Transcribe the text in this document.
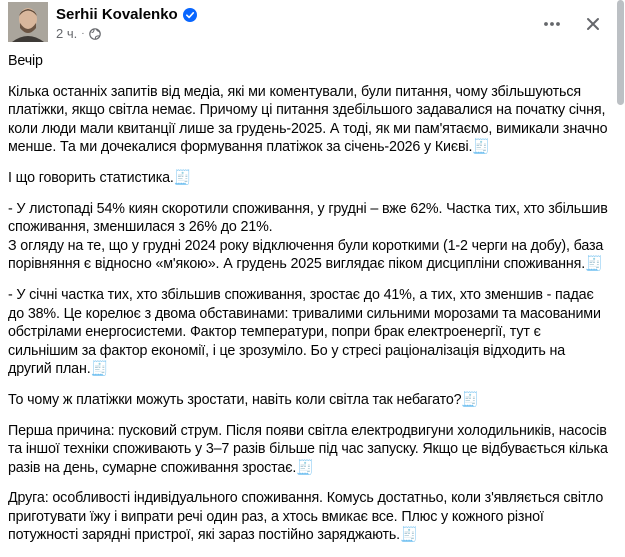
Serhii Kovalenko
2 ч. ·

Вечір

Кілька останніх запитів від медіа, які ми коментували, були питання, чому збільшуються платіжки, якщо світла немає. Причому ці питання здебільшого задавалися на початку січня, коли люди мали квитанції лише за грудень-2025. А тоді, як ми пам'ятаємо, вимикали значно менше. Та ми дочекалися формування платіжок за січень-2026 у Києві.🧾

І що говорить статистика.🧾

- У листопаді 54% киян скоротили споживання, у грудні – вже 62%. Частка тих, хто збільшив споживання, зменшилася з 26% до 21%.
З огляду на те, що у грудні 2024 року відключення були короткими (1-2 черги на добу), база порівняння є відносно «м'якою». А грудень 2025 виглядає піком дисципліни споживання.🧾

- У січні частка тих, хто збільшив споживання, зростає до 41%, а тих, хто зменшив - падає до 38%. Це корелює з двома обставинами: тривалими сильними морозами та масованими обстрілами енергосистеми. Фактор температури, попри брак електроенергії, тут є сильнішим за фактор економії, і це зрозуміло. Бо у стресі раціоналізація відходить на другий план.🧾

То чому ж платіжки можуть зростати, навіть коли світла так небагато?🧾

Перша причина: пусковий струм. Після появи світла електродвигуни холодильників, насосів та іншої техніки споживають у 3–7 разів більше під час запуску. Якщо це відбувається кілька разів на день, сумарне споживання зростає.🧾

Друга: особливості індивідуального споживання. Комусь достатньо, коли з'являється світло приготувати їжу і випрати речі один раз, а хтось вмикає все. Плюс у кожного різної потужності зарядні пристрої, які зараз постійно заряджають.🧾
